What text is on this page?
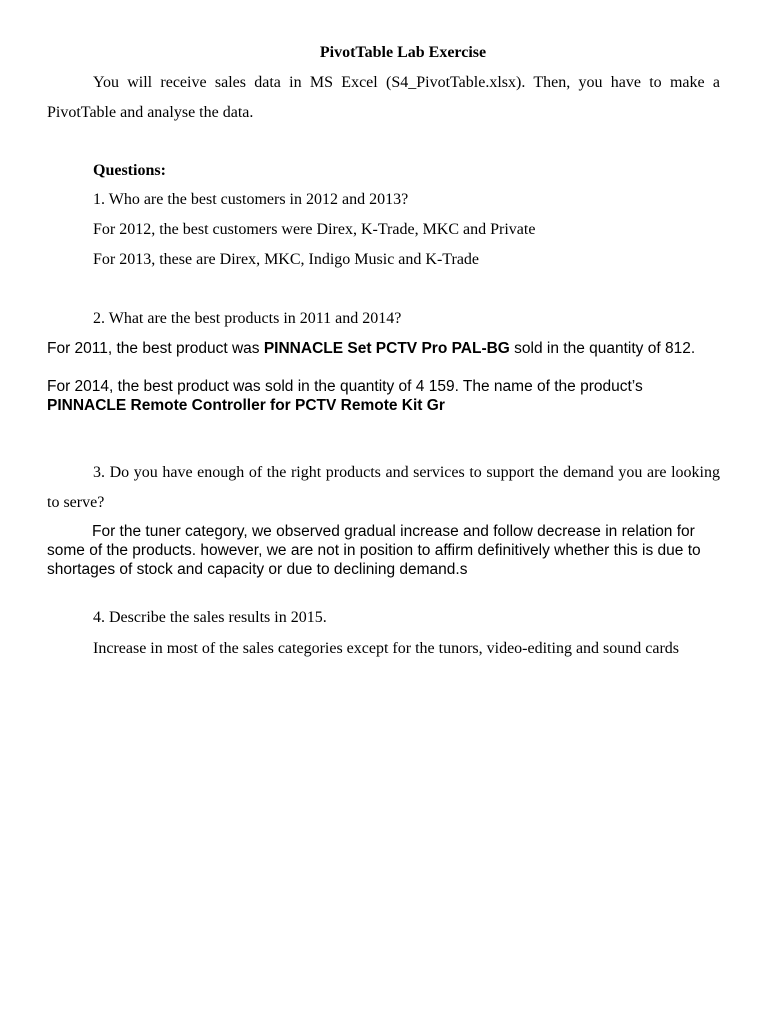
PivotTable Lab Exercise

You will receive sales data in MS Excel (S4_PivotTable.xlsx). Then, you have to make a PivotTable and analyse the data.

Questions:

1. Who are the best customers in 2012 and 2013?

For 2012, the best customers were Direx, K-Trade, MKC and Private

For 2013, these are Direx, MKC, Indigo Music and K-Trade

2. What are the best products in 2011 and 2014?

For 2011, the best product was PINNACLE Set PCTV Pro PAL-BG sold in the quantity of 812.

For 2014, the best product was sold in the quantity of 4 159. The name of the product’s
PINNACLE Remote Controller for PCTV Remote Kit Gr

3. Do you have enough of the right products and services to support the demand you are looking to serve?

For the tuner category, we observed gradual increase and follow decrease in relation for some of the products. however, we are not in position to affirm definitively whether this is due to shortages of stock and capacity or due to declining demand.s

4. Describe the sales results in 2015.

Increase in most of the sales categories except for the tunors, video-editing and sound cards
